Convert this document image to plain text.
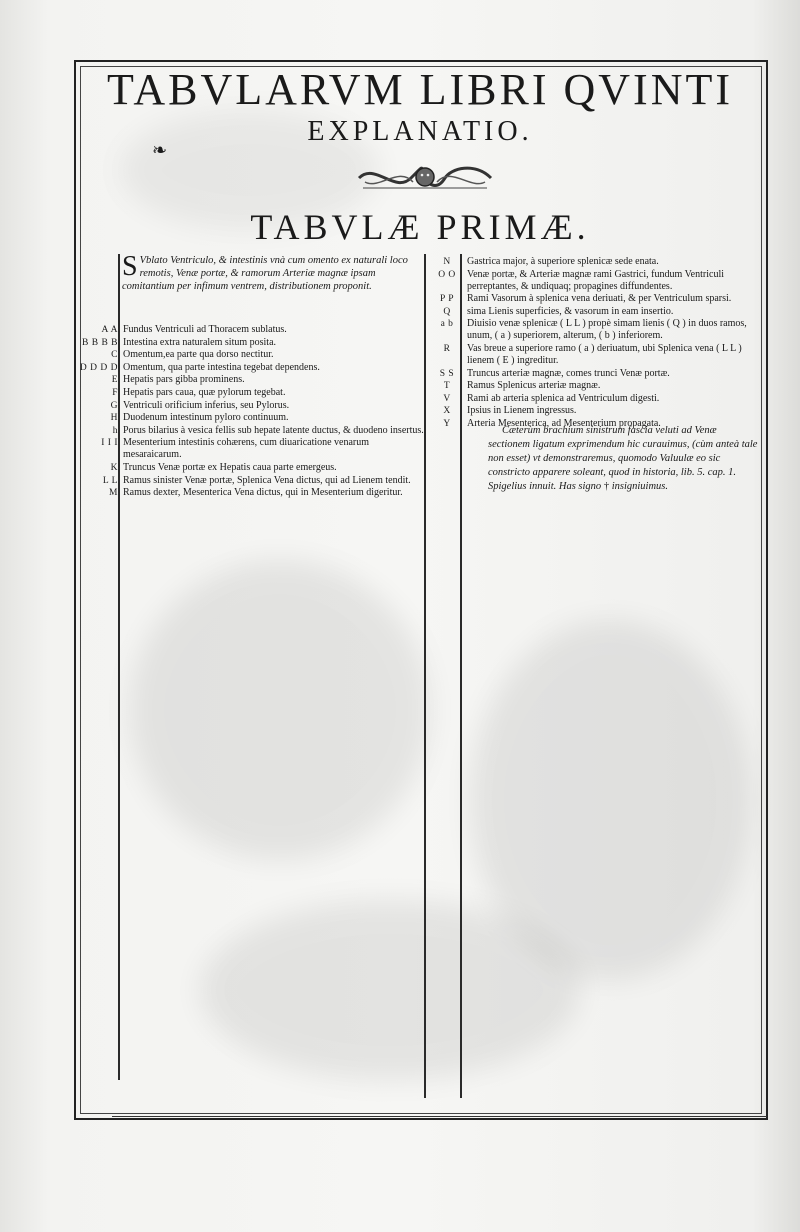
TABVLARVM LIBRI QVINTI
EXPLANATIO.
❧
TABVLÆ PRIMÆ.
S Vblato Ventriculo, & intestinis vnà cum omento ex naturali loco remotis, Venæ portæ, & ramorum Arteriæ magnæ ipsam comitantium per infimum ventrem, distributionem proponit.
A A Fundus Ventriculi ad Thoracem sublatus.
B B B B Intestina extra naturalem situm posita.
C Omentum,ea parte qua dorso nectitur.
D D D D Omentum, qua parte intestina tegebat dependens.
E Hepatis pars gibba prominens.
F Hepatis pars caua, quæ pylorum tegebat.
G Ventriculi orificium inferius, seu Pylorus.
H Duodenum intestinum pyloro continuum.
h Porus bilarius à vesica fellis sub hepate latente ductus, & duodeno insertus.
I I I Mesenterium intestinis cohærens, cum diuaricatione venarum mesaraicarum.
K Truncus Venæ portæ ex Hepatis caua parte emergeus.
L L Ramus sinister Venæ portæ, Splenica Vena dictus, qui ad Lienem tendit.
M Ramus dexter, Mesenterica Vena dictus, qui in Mesenterium digeritur.
N	Gastrica major, à superiore splenicæ sede enata.
O O	Venæ portæ, & Arteriæ magnæ rami Gastrici, fundum Ventriculi perreptantes, & undiquaq; propagines diffundentes.
P P	Rami Vasorum à splenica vena deriuati, & per Ventriculum sparsi.
Q	sima Lienis superficies, & vasorum in eam insertio.
a b	Diuisio venæ splenicæ ( L L ) propè simam lienis ( Q ) in duos ramos, unum, ( a ) superiorem, alterum, ( b ) inferiorem.
R	Vas breue a superiore ramo ( a ) deriuatum, ubi Splenica vena ( L L ) lienem ( E ) ingreditur.
S S	Truncus arteriæ magnæ, comes trunci Venæ portæ.
T	Ramus Splenicus arteriæ magnæ.
V	Rami ab arteria splenica ad Ventriculum digesti.
X	Ipsius in Lienem ingressus.
Y	Arteria Mesenterica, ad Mesenterium propagata.
Cæterùm brachium sinistrum fascia veluti ad Venæ sectionem ligatum exprimendum hic curauimus, (cùm anteà tale non esset) vt demonstraremus, quomodo Valuulæ eo sic constricto apparere soleant, quod in historia, lib. 5. cap. 1. Spigelius innuit. Has signo † insigniuimus.
